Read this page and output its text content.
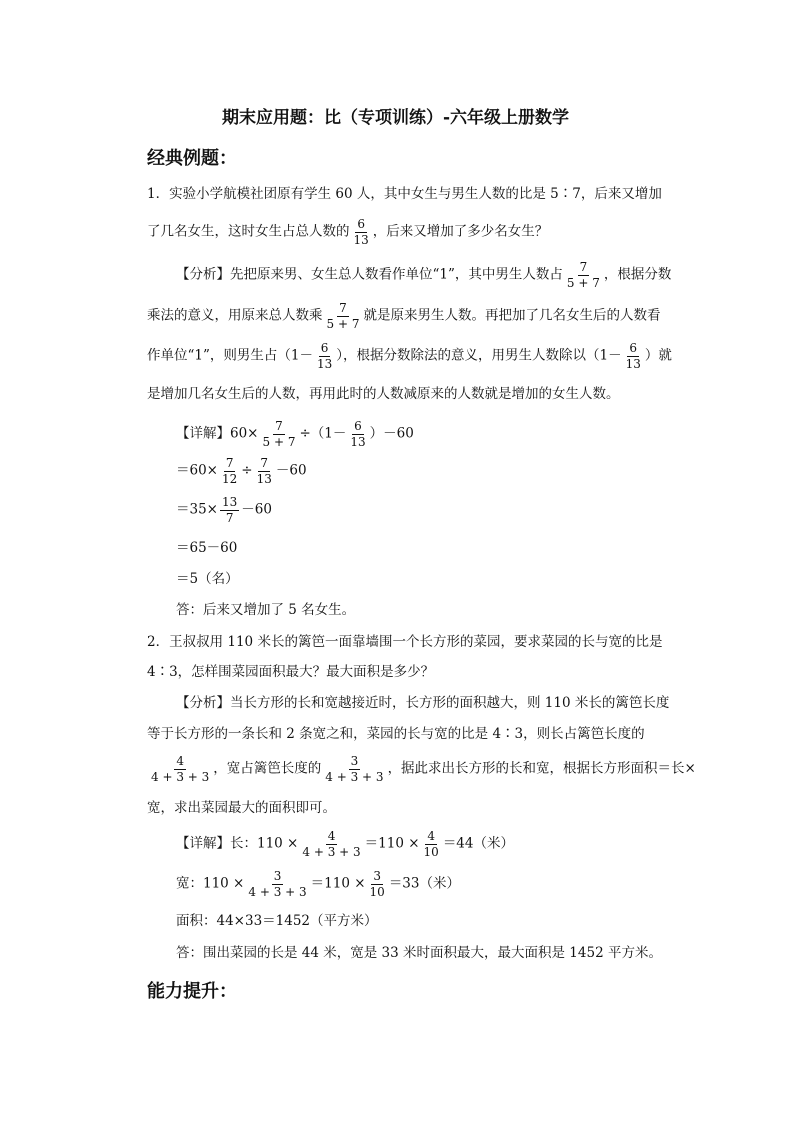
期末应用题：比（专项训练）-六年级上册数学
经典例题：
1．实验小学航模社团原有学生 60 人，其中女生与男生人数的比是 5∶7，后来又增加
了几名女生，这时女生占总人数的 $\frac{6}{13}$ ，后来又增加了多少名女生？
【分析】先把原来男、女生总人数看作单位“1”，其中男生人数占 $\frac{7}{5 + 7}$ ，根据分数
乘法的意义，用原来总人数乘 $\frac{7}{5 + 7}$ 就是原来男生人数。再把加了几名女生后的人数看
作单位“1”，则男生占（$1- \frac{6}{13}$ ），根据分数除法的意义，用男生人数除以（$1- \frac{6}{13}$ ）就
是增加几名女生后的人数，再用此时的人数减原来的人数就是增加的女生人数。
【详解】$60\times \frac{7}{5 + 7} \div(1- \frac{6}{13} )-60$
$=60\times \frac{7}{12} \div \frac{7}{13} -60$
$=35\times \frac{13}{7} -60$
＝65－60
＝5（名）
答：后来又增加了 5 名女生。
2．王叔叔用 110 米长的篱笆一面靠墙围一个长方形的菜园，要求菜园的长与宽的比是
4∶3，怎样围菜园面积最大？最大面积是多少？
【分析】当长方形的长和宽越接近时，长方形的面积越大，则 110 米长的篱笆长度
等于长方形的一条长和 2 条宽之和，菜园的长与宽的比是 4∶3，则长占篱笆长度的
$\frac{4}{4 + 3 + 3}$ ，宽占篱笆长度的 $\frac{3}{4 + 3 + 3}$ ，据此求出长方形的长和宽，根据长方形面积＝长×
宽，求出菜园最大的面积即可。
【详解】长：$110 \times \frac{4}{4 + 3 + 3} =110 \times \frac{4}{10} =44$（米）
宽：$110 \times \frac{3}{4 + 3 + 3} =110 \times \frac{3}{10} =33$（米）
面积：44×33＝1452（平方米）
答：围出菜园的长是 44 米，宽是 33 米时面积最大，最大面积是 1452 平方米。
能力提升：
